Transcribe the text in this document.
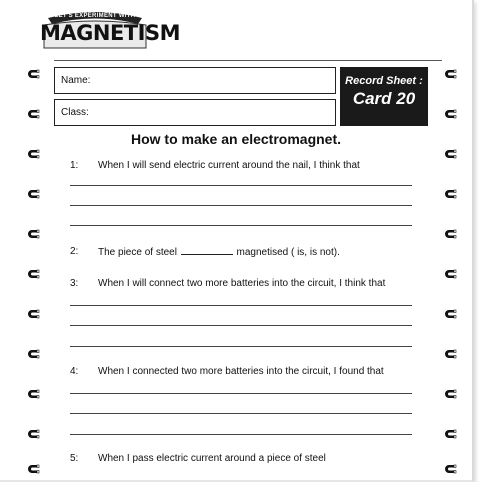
LET'S EXPERIMENT WITH
MAGNETISM
Name:
Class:
Record Sheet :
Card 20
How to make an electromagnet.
1: When I will send electric current around the nail, I think that
2: The piece of steel	magnetised ( is, is not).
3: When I will connect two more batteries into the circuit, I think that
4: When I connected two more batteries into the circuit, I found that
5: When I pass electric current around a piece of steel
